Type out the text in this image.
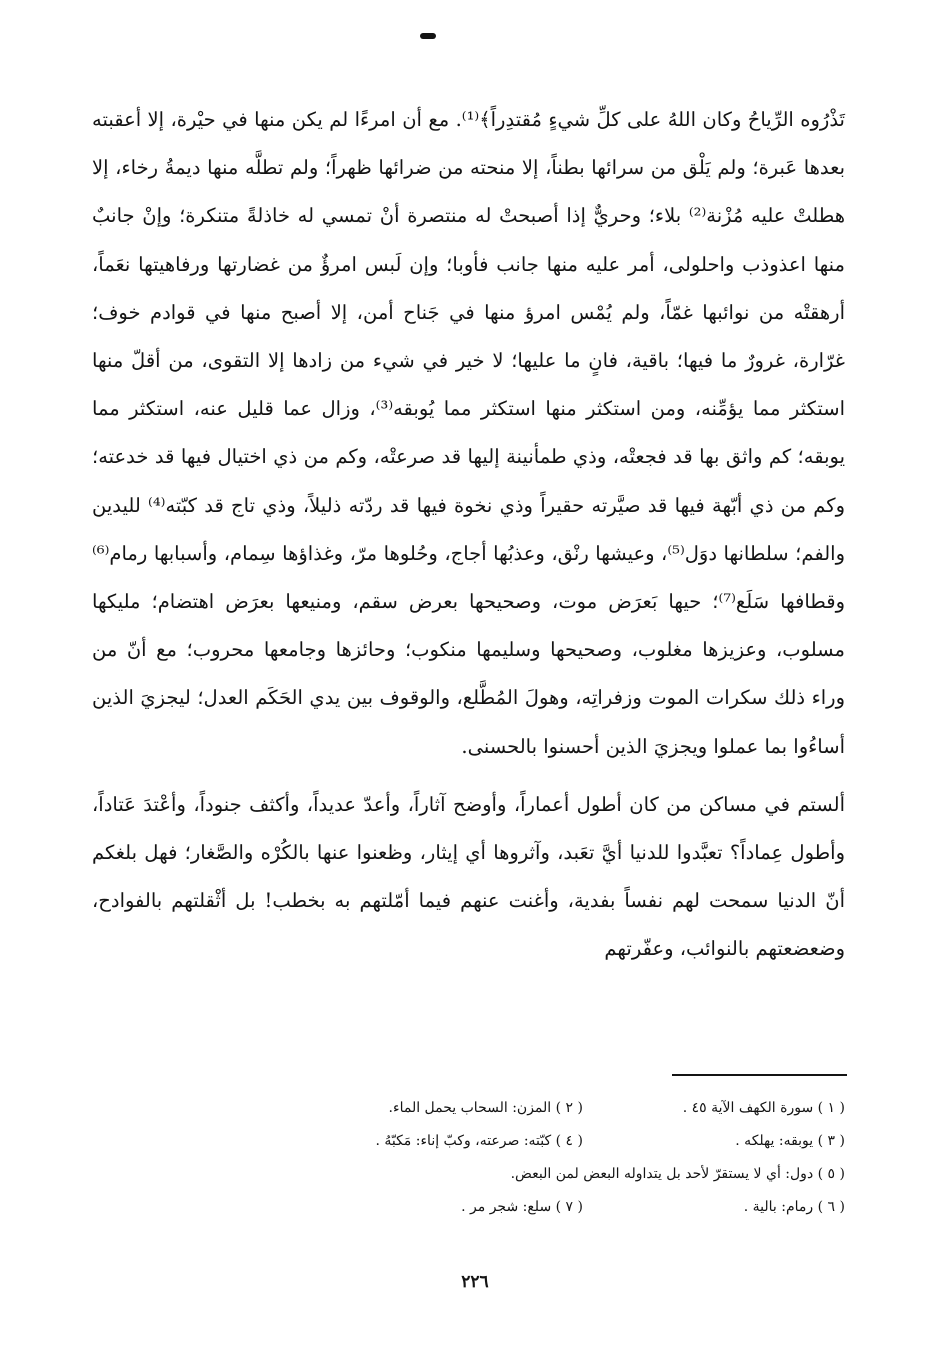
تَذْرُوه الرِّياحُ وكان اللهُ على كلِّ شيءٍ مُقتدِراً﴾⁽¹⁾. مع أن امرءًا لم يكن منها في حيْرة، إلا أعقبته بعدها عَبرة؛ ولم يَلْق من سرائها بطناً، إلا منحته من ضرائها ظهراً؛ ولم تطلَّه منها ديمةُ رخاء، إلا هطلتْ عليه مُزْنة⁽²⁾ بلاء؛ وحريٌّ إذا أصبحتْ له منتصرة أنْ تمسي له خاذلةً متنكرة؛ وإنْ جانبٌ منها اعذوذب واحلولى، أمر عليه منها جانب فأوبا؛ وإن لَبس امرؤٌ من غضارتها ورفاهيتها نعَماً، أرهقتْه من نوائبها غمّاً، ولم يُمْس امرؤ منها في جَناح أمن، إلا أصبح منها في قوادم خوف؛ غرّارة، غرورٌ ما فيها؛ باقية، فانٍ ما عليها؛ لا خير في شيء من زادها إلا التقوى، من أقلّ منها استكثر مما يؤمِّنه، ومن استكثر منها استكثر مما يُوبقه⁽³⁾، وزال عما قليل عنه، استكثر مما يوبقه؛ كم واثق بها قد فجعتْه، وذي طمأنينة إليها قد صرعتْه، وكم من ذي اختيال فيها قد خدعته؛ وكم من ذي أبّهة فيها قد صيَّرته حقيراً وذي نخوة فيها قد ردّته ذليلاً، وذي تاج قد كبّته⁽⁴⁾ لليدين والفم؛ سلطانها دوَل⁽⁵⁾، وعيشها رنْق، وعذبُها أجاج، وحُلوها مرّ، وغذاؤها سِمام، وأسبابها رمام⁽⁶⁾ وقطافها سَلَع⁽⁷⁾؛ حيها بَعرَض موت، وصحيحها بعرض سقم، ومنيعها بعرَض اهتضام؛ مليكها مسلوب، وعزيزها مغلوب، وصحيحها وسليمها منكوب؛ وحائزها وجامعها محروب؛ مع أنّ من وراء ذلك سكرات الموت وزفراتِه، وهولَ المُطَّلع، والوقوف بين يدي الحَكَم العدل؛ ليجزيَ الذين أساءُوا بما عملوا ويجزيَ الذين أحسنوا بالحسنى.

ألستم في مساكن من كان أطول أعماراً، وأوضح آثاراً، وأعدّ عديداً، وأكثف جنوداً، وأعْتدَ عَتاداً، وأطول عِماداً؟ تعبَّدوا للدنيا أيَّ تعَبد، وآثروها أي إيثار، وظعنوا عنها بالكُرْه والصَّغار؛ فهل بلغكم أنّ الدنيا سمحت لهم نفساً بفدية، وأغنت عنهم فيما أمّلتهم به بخطب! بل أثْقلتهم بالفوادح، وضعضعتهم بالنوائب، وعفّرتهم

( ١ ) سورة الكهف الآية ٤٥ .
( ٢ ) المزن: السحاب يحمل الماء.
( ٣ ) يوبقه: يهلكه .
( ٤ ) كبّته: صرعته، وكبّ إناء: مَكبّهُ .
( ٥ ) دول: أي لا يستقرّ لأحد بل يتداوله البعض لمن البعض.
( ٦ ) رمام: بالية .
( ٧ ) سلع: شجر مر .
٢٢٦
